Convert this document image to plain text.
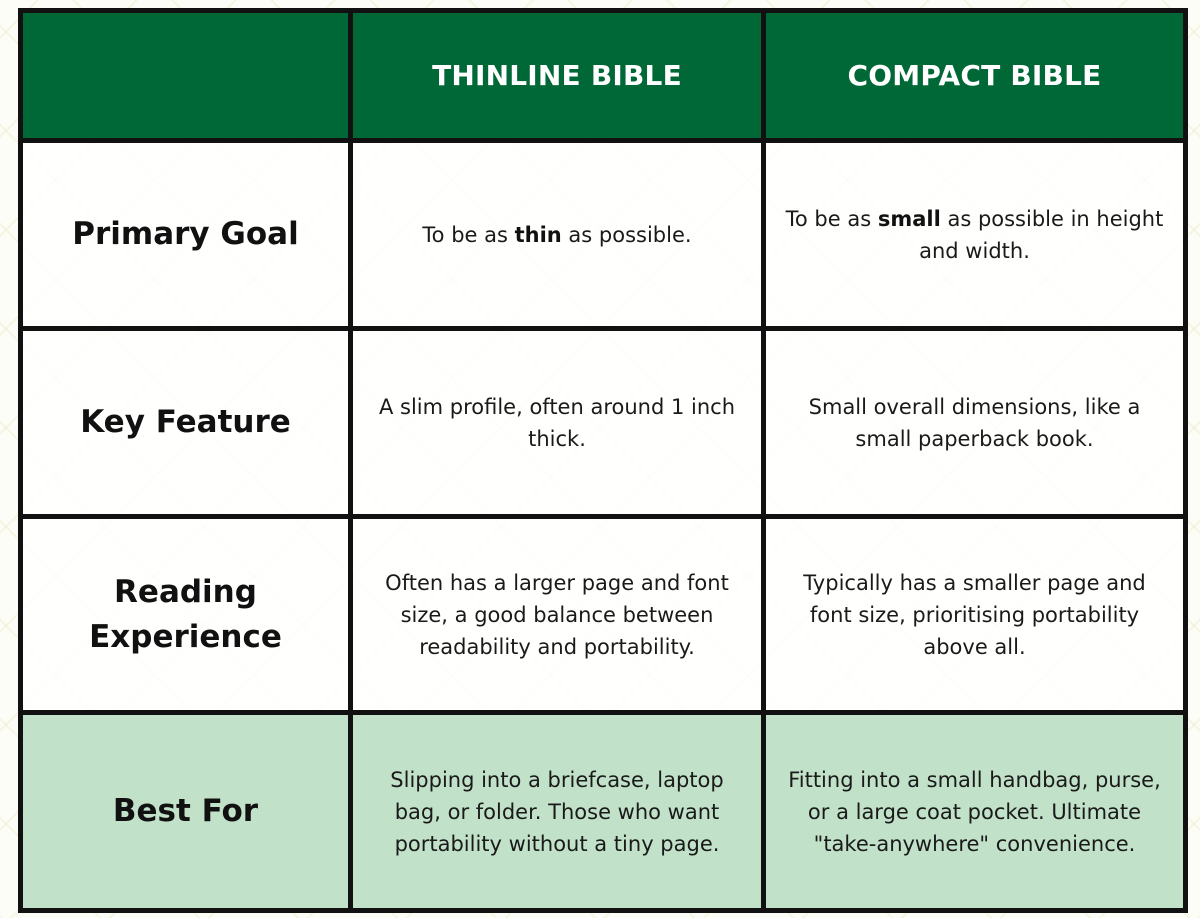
	THINLINE BIBLE	COMPACT BIBLE
Primary Goal	To be as thin as possible.	To be as small as possible in height and width.
Key Feature	A slim profile, often around 1 inch thick.	Small overall dimensions, like a small paperback book.
Reading Experience	Often has a larger page and font size, a good balance between readability and portability.	Typically has a smaller page and font size, prioritising portability above all.
Best For	Slipping into a briefcase, laptop bag, or folder. Those who want portability without a tiny page.	Fitting into a small handbag, purse, or a large coat pocket. Ultimate "take-anywhere" convenience.
